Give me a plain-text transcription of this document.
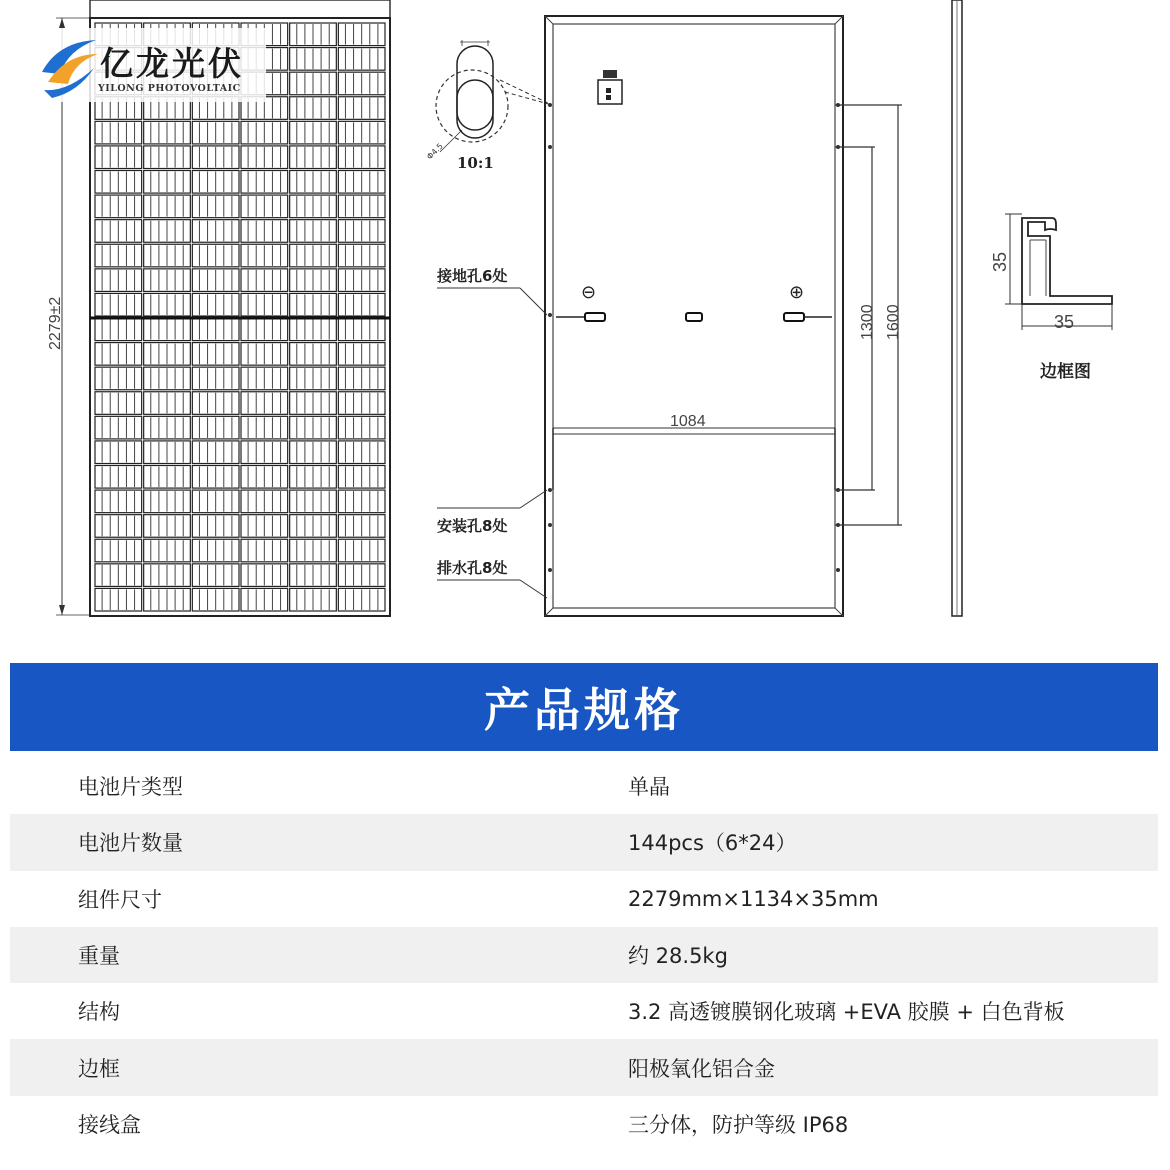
2279±2
Φ4.5
10:1
⊖	⊕
1084
1300 1600
接地孔6处
安装孔8处
排水孔8处
35
35
边框图
亿龙光伏
YILONG PHOTOVOLTAIC
产品规格
电池片类型	单晶
电池片数量	144pcs（6*24）
组件尺寸	2279mm×1134×35mm
重量	约 28.5kg
结构	3.2 高透镀膜钢化玻璃 +EVA 胶膜 + 白色背板
边框	阳极氧化铝合金
接线盒	三分体，防护等级 IP68
